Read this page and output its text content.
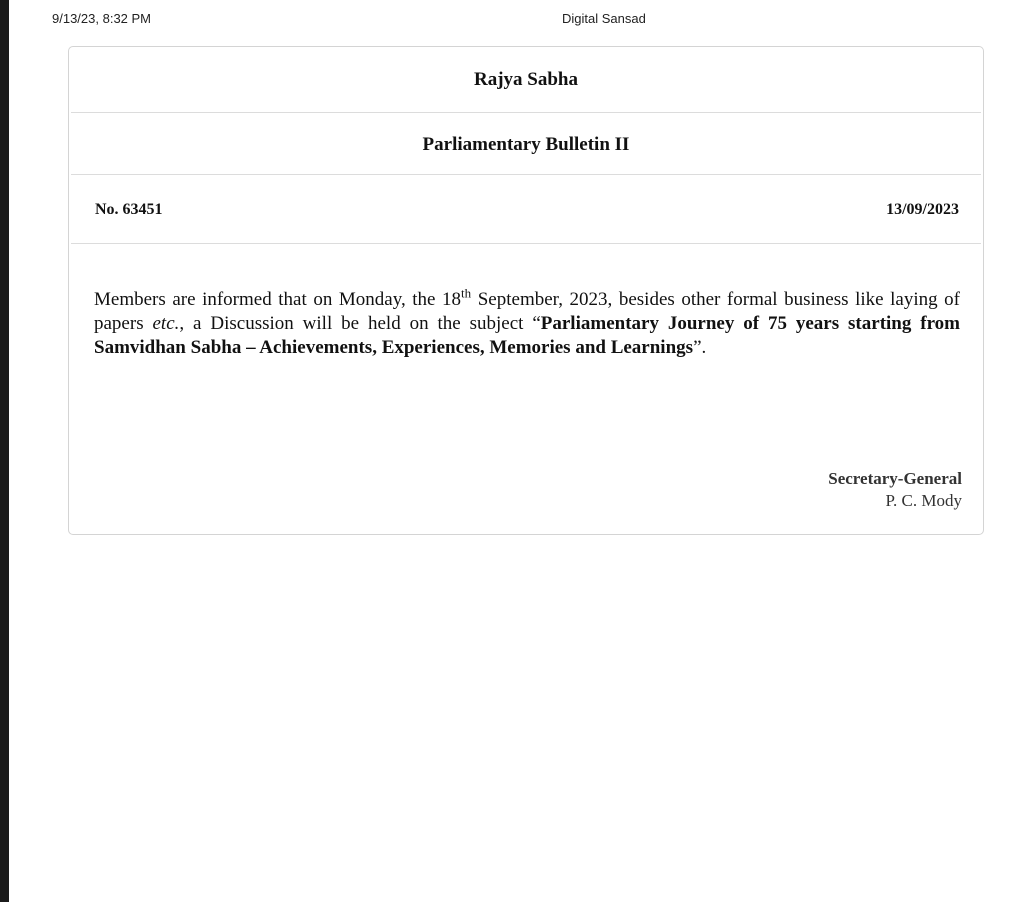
9/13/23, 8:32 PM	Digital Sansad
Rajya Sabha
Parliamentary Bulletin II
No. 63451	13/09/2023
Members are informed that on Monday, the 18th September, 2023, besides other formal business like laying of papers etc., a Discussion will be held on the subject “Parliamentary Journey of 75 years starting from Samvidhan Sabha – Achievements, Experiences, Memories and Learnings”.
Secretary-General
P. C. Mody
